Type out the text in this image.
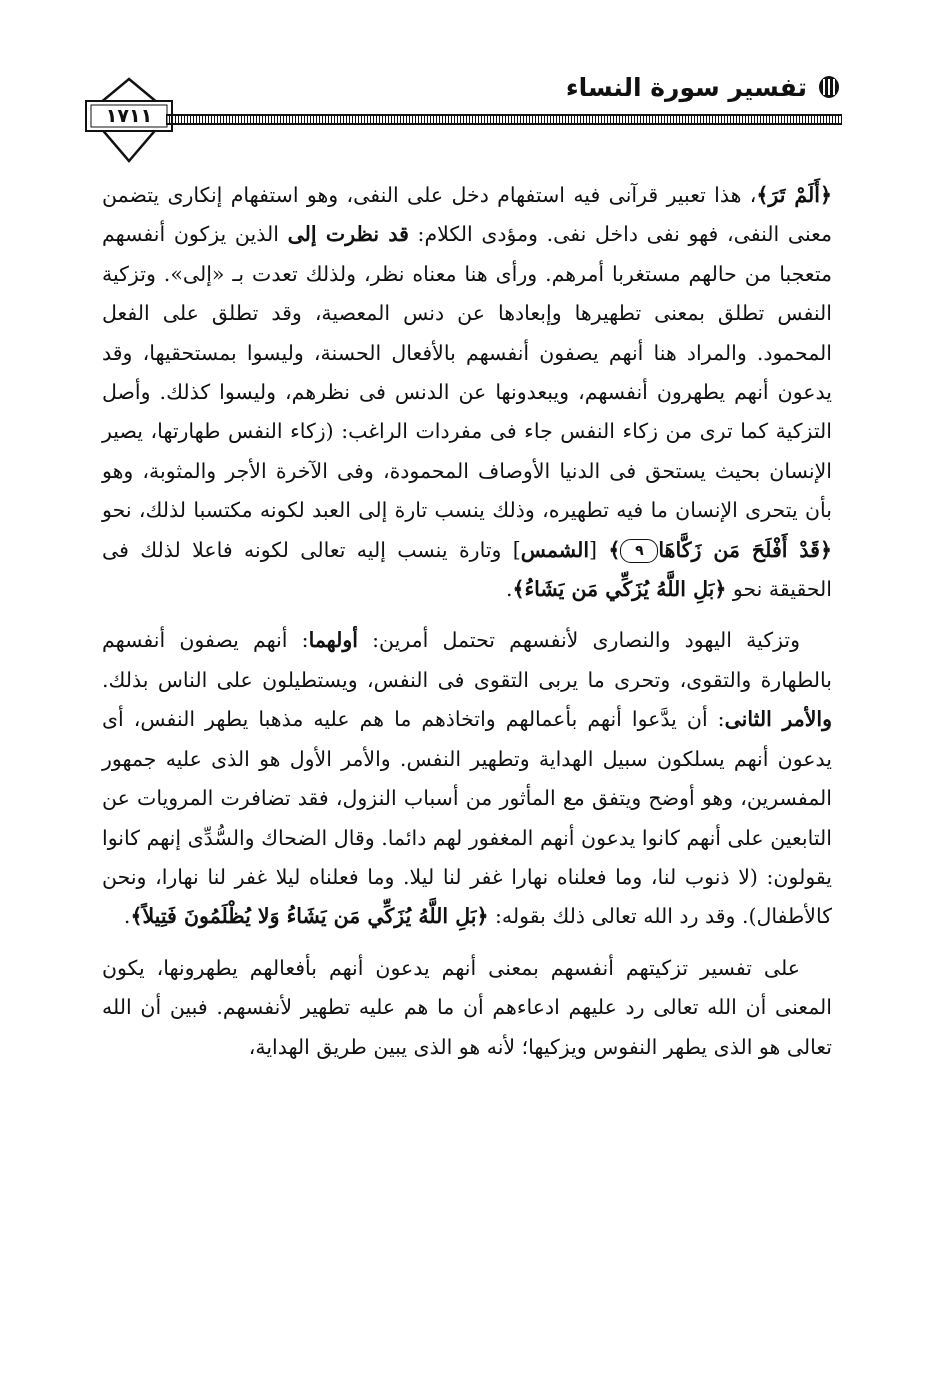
١٧١١
تفسير سورة النساء

﴿أَلَمْ تَرَ﴾، هذا تعبير قرآنى فيه استفهام دخل على النفى، وهو استفهام إنكارى يتضمن معنى النفى، فهو نفى داخل نفى. ومؤدى الكلام: قد نظرت إلى الذين يزكون أنفسهم متعجبا من حالهم مستغربا أمرهم. ورأى هنا معناه نظر، ولذلك تعدت بـ «إلى». وتزكية النفس تطلق بمعنى تطهيرها وإبعادها عن دنس المعصية، وقد تطلق على الفعل المحمود. والمراد هنا أنهم يصفون أنفسهم بالأفعال الحسنة، وليسوا بمستحقيها، وقد يدعون أنهم يطهرون أنفسهم، ويبعدونها عن الدنس فى نظرهم، وليسوا كذلك. وأصل التزكية كما ترى من زكاء النفس جاء فى مفردات الراغب: (زكاء النفس طهارتها، يصير الإنسان بحيث يستحق فى الدنيا الأوصاف المحمودة، وفى الآخرة الأجر والمثوبة، وهو بأن يتحرى الإنسان ما فيه تطهيره، وذلك ينسب تارة إلى العبد لكونه مكتسبا لذلك، نحو ﴿قَدْ أَفْلَحَ مَن زَكَّاهَا٩﴾ [الشمس] وتارة ينسب إليه تعالى لكونه فاعلا لذلك فى الحقيقة نحو ﴿بَلِ اللَّهُ يُزَكِّي مَن يَشَاءُ﴾.

وتزكية اليهود والنصارى لأنفسهم تحتمل أمرين: أولهما: أنهم يصفون أنفسهم بالطهارة والتقوى، وتحرى ما يربى التقوى فى النفس، ويستطيلون على الناس بذلك. والأمر الثانى: أن يدَّعوا أنهم بأعمالهم واتخاذهم ما هم عليه مذهبا يطهر النفس، أى يدعون أنهم يسلكون سبيل الهداية وتطهير النفس. والأمر الأول هو الذى عليه جمهور المفسرين، وهو أوضح ويتفق مع المأثور من أسباب النزول، فقد تضافرت المرويات عن التابعين على أنهم كانوا يدعون أنهم المغفور لهم دائما. وقال الضحاك والسُّدِّى إنهم كانوا يقولون: (لا ذنوب لنا، وما فعلناه نهارا غفر لنا ليلا. وما فعلناه ليلا غفر لنا نهارا، ونحن كالأطفال). وقد رد الله تعالى ذلك بقوله: ﴿بَلِ اللَّهُ يُزَكِّي مَن يَشَاءُ وَلا يُظْلَمُونَ فَتِيلاً﴾.

على تفسير تزكيتهم أنفسهم بمعنى أنهم يدعون أنهم بأفعالهم يطهرونها، يكون المعنى أن الله تعالى رد عليهم ادعاءهم أن ما هم عليه تطهير لأنفسهم. فبين أن الله تعالى هو الذى يطهر النفوس ويزكيها؛ لأنه هو الذى يبين طريق الهداية،
